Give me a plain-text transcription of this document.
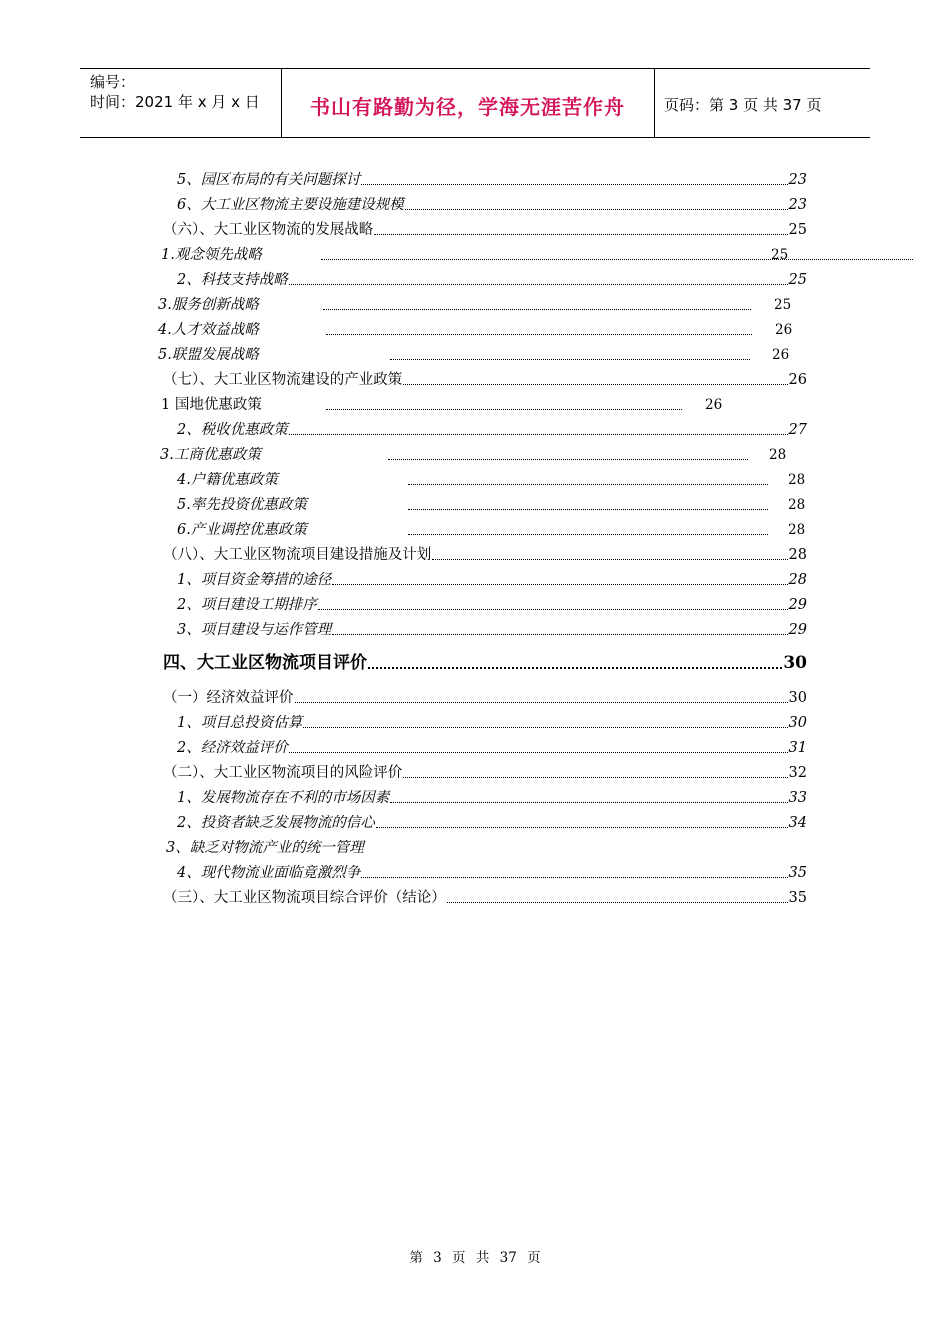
编号：
时间：2021 年 x 月 x 日	书山有路勤为径，学海无涯苦作舟	页码：第 3 页 共 37 页
5、园区布局的有关问题探讨	23
6、大工业区物流主要设施建设规模	23
（六）、大工业区物流的发展战略	25
1.观念领先战略	25
2、科技支持战略	25
3.服务创新战略	25
4.人才效益战略	26
5.联盟发展战略	26
（七）、大工业区物流建设的产业政策	26
1 国地优惠政策	26
2、税收优惠政策	27
3.工商优惠政策	28
4.户籍优惠政策	28
5.率先投资优惠政策	28
6.产业调控优惠政策	28
（八）、大工业区物流项目建设措施及计划	28
1、项目资金筹措的途径	28
2、项目建设工期排序	29
3、项目建设与运作管理	29
四、大工业区物流项目评价	30
（一）经济效益评价	30
1、项目总投资估算	30
2、经济效益评价	31
（二）、大工业区物流项目的风险评价	32
1、发展物流存在不利的市场因素	33
2、投资者缺乏发展物流的信心	34
3、缺乏对物流产业的统一管理
4、现代物流业面临竟激烈争	35
（三）、大工业区物流项目综合评价（结论）	35
第 3 页 共 37 页
